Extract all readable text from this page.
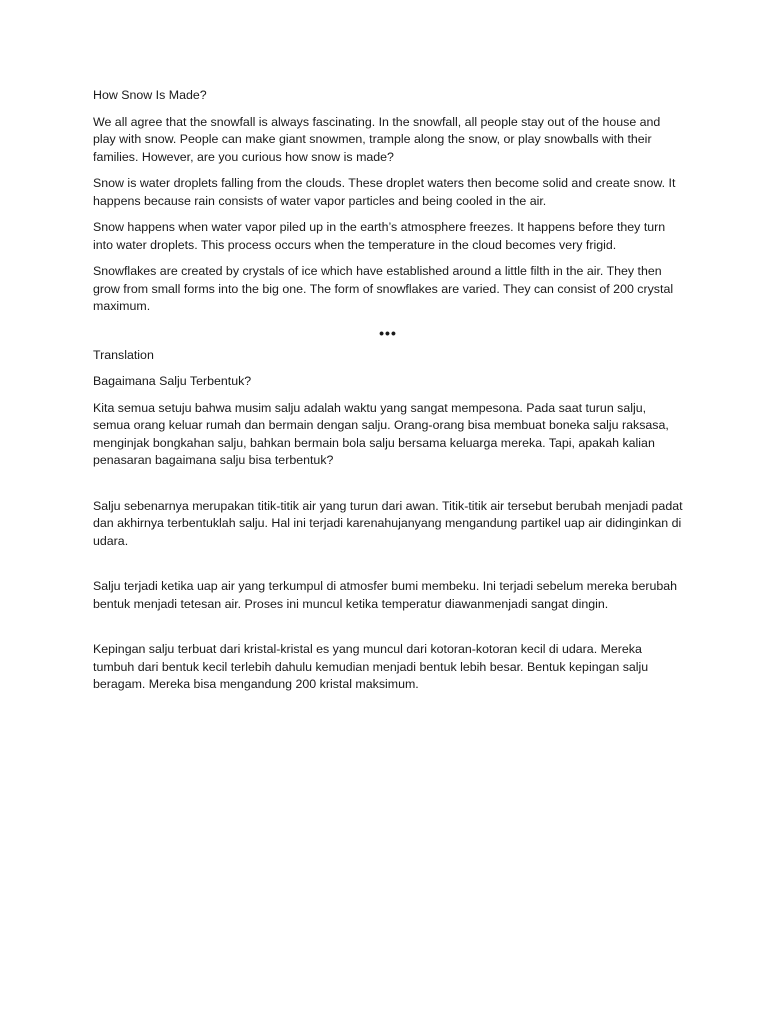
How Snow Is Made?

We all agree that the snowfall is always fascinating. In the snowfall, all people stay out of the house and play with snow. People can make giant snowmen, trample along the snow, or play snowballs with their families. However, are you curious how snow is made?

Snow is water droplets falling from the clouds. These droplet waters then become solid and create snow. It happens because rain consists of water vapor particles and being cooled in the air.

Snow happens when water vapor piled up in the earth’s atmosphere freezes. It happens before they turn into water droplets. This process occurs when the temperature in the cloud becomes very frigid.

Snowflakes are created by crystals of ice which have established around a little filth in the air. They then grow from small forms into the big one. The form of snowflakes are varied. They can consist of 200 crystal maximum.

•••
Translation
Bagaimana Salju Terbentuk?

Kita semua setuju bahwa musim salju adalah waktu yang sangat mempesona. Pada saat turun salju, semua orang keluar rumah dan bermain dengan salju. Orang-orang bisa membuat boneka salju raksasa, menginjak bongkahan salju, bahkan bermain bola salju bersama keluarga mereka. Tapi, apakah kalian penasaran bagaimana salju bisa terbentuk?

Salju sebenarnya merupakan titik-titik air yang turun dari awan. Titik-titik air tersebut berubah menjadi padat dan akhirnya terbentuklah salju. Hal ini terjadi karenahujanyang mengandung partikel uap air didinginkan di udara.

Salju terjadi ketika uap air yang terkumpul di atmosfer bumi membeku. Ini terjadi sebelum mereka berubah bentuk menjadi tetesan air. Proses ini muncul ketika temperatur diawanmenjadi sangat dingin.

Kepingan salju terbuat dari kristal-kristal es yang muncul dari kotoran-kotoran kecil di udara. Mereka tumbuh dari bentuk kecil terlebih dahulu kemudian menjadi bentuk lebih besar. Bentuk kepingan salju beragam. Mereka bisa mengandung 200 kristal maksimum.
